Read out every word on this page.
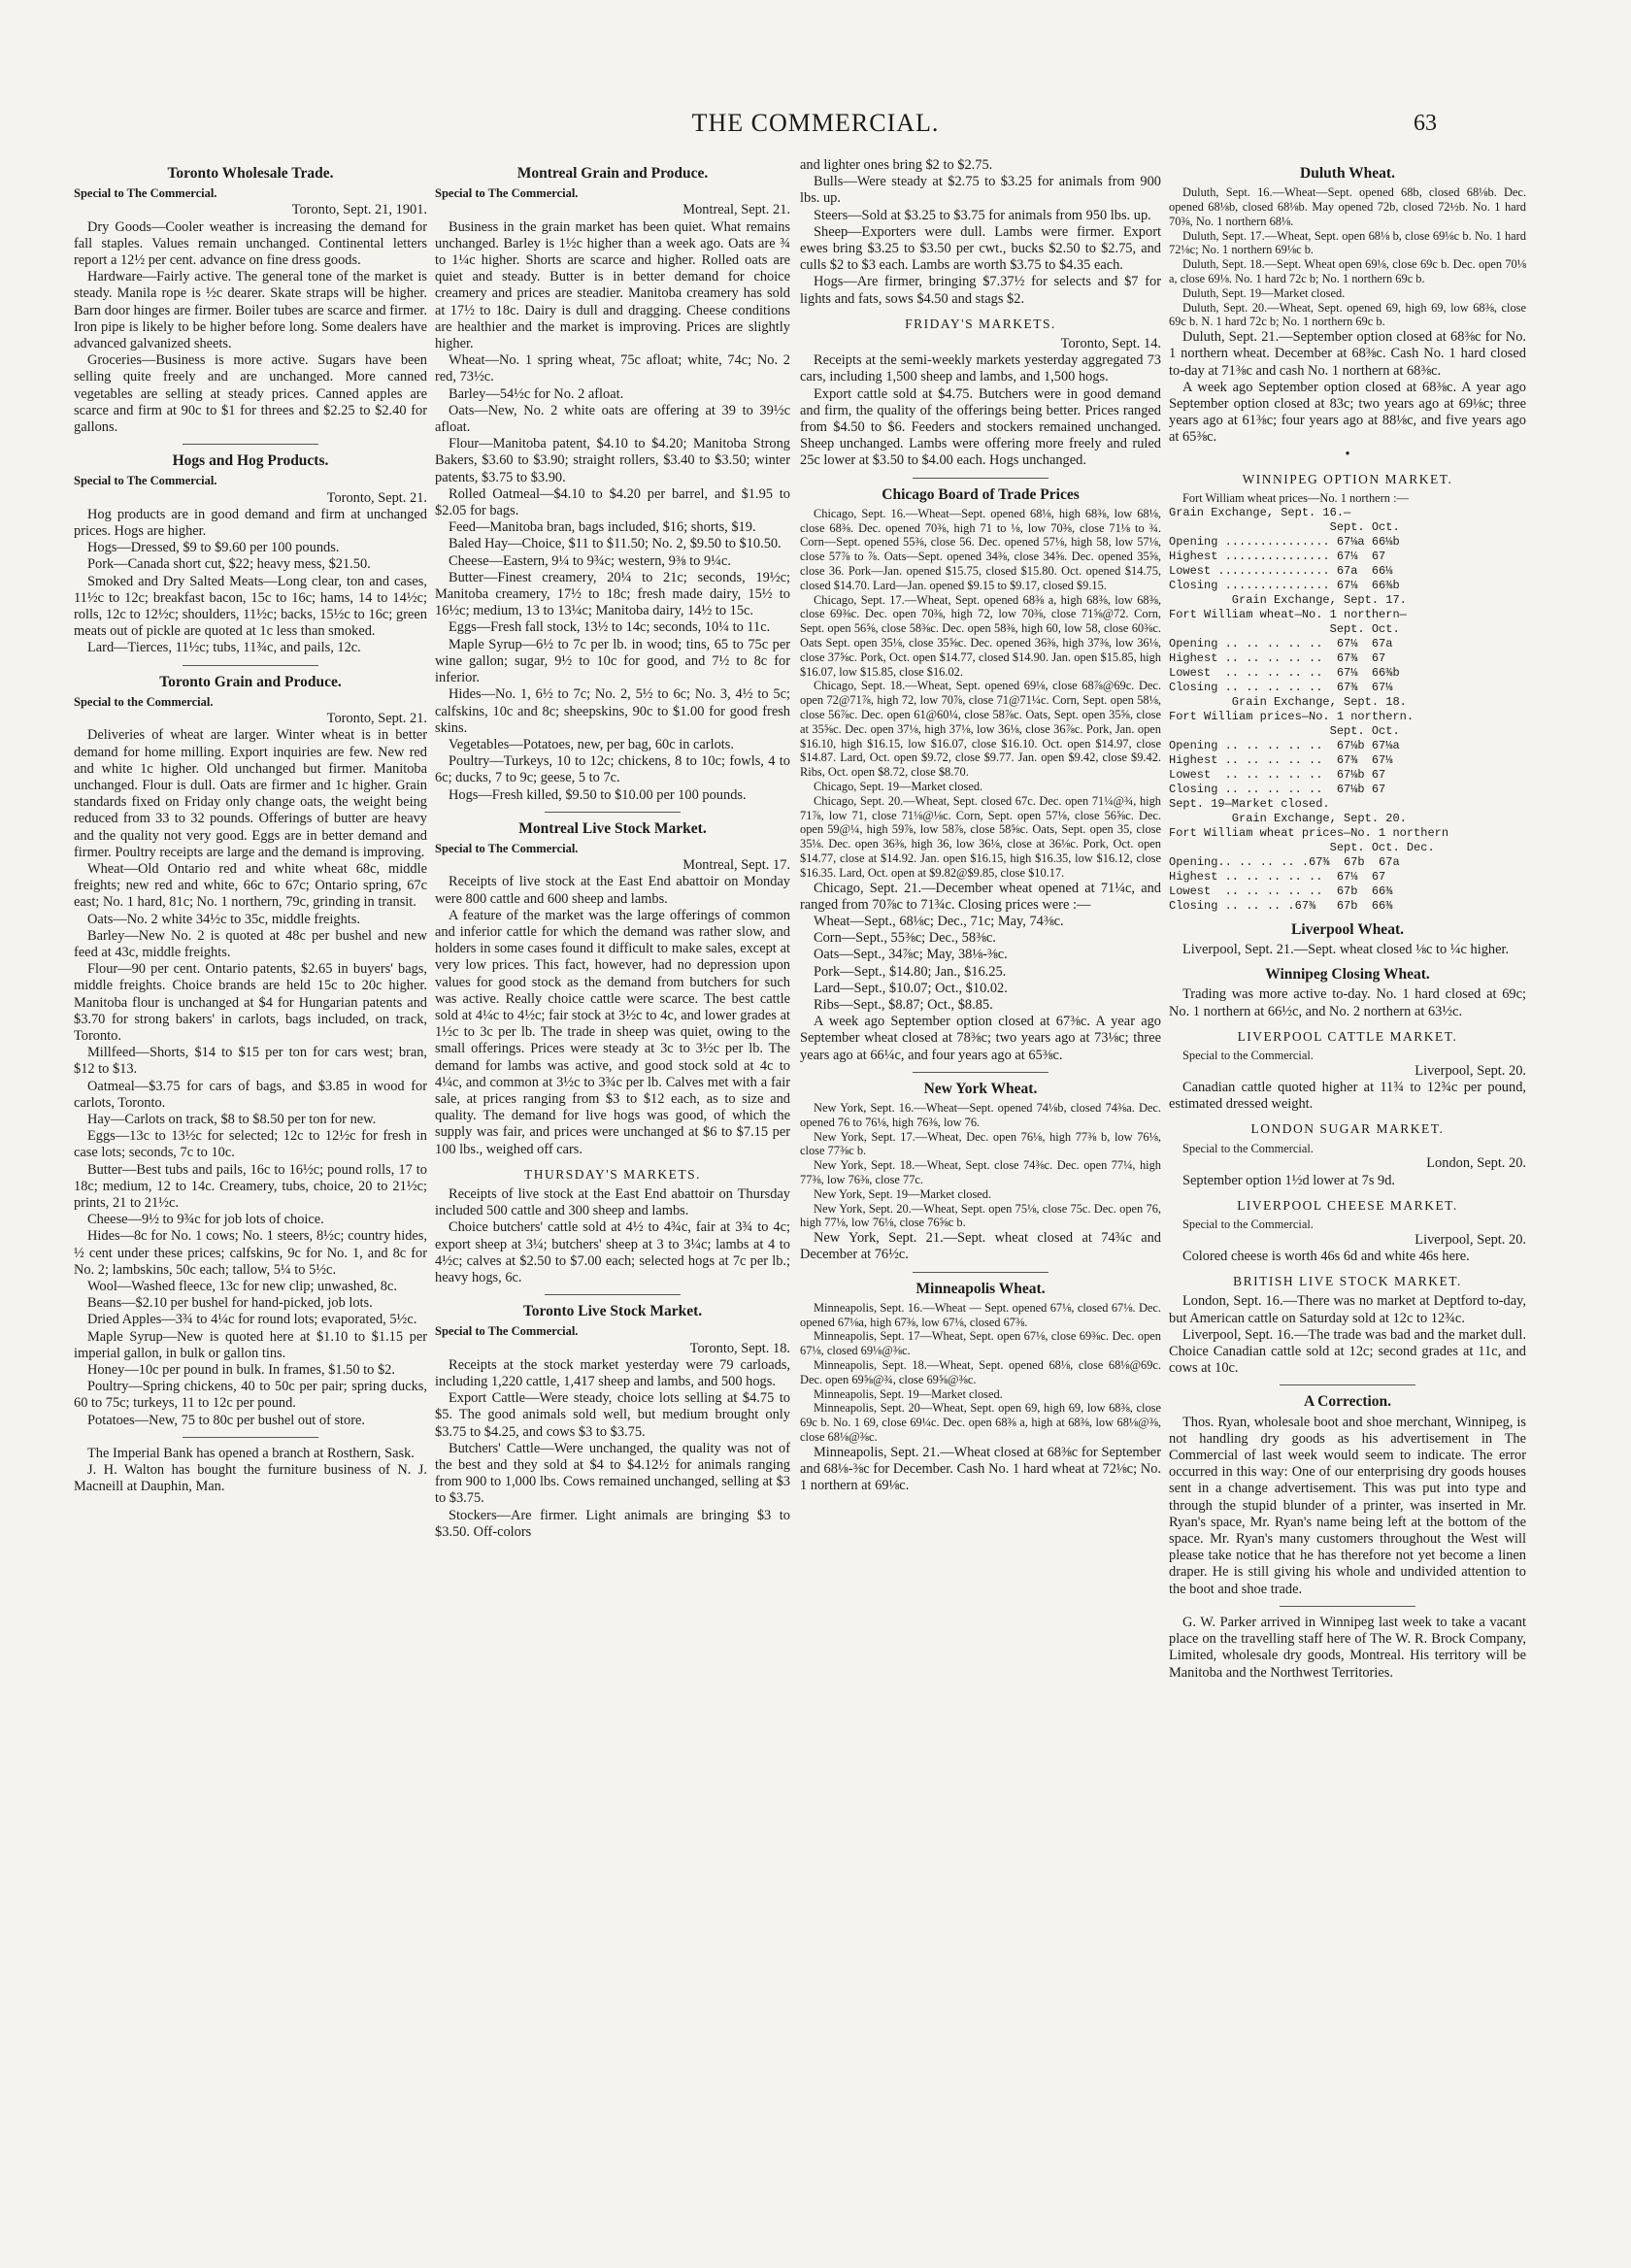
THE COMMERCIAL.	63
Toronto Wholesale Trade.
Special to The Commercial.
Toronto, Sept. 21, 1901.

Dry Goods—Cooler weather is increasing the demand for fall staples. Values remain unchanged. Continental letters report a 12½ per cent. advance on fine dress goods.

Hardware—Fairly active. The general tone of the market is steady. Manila rope is ½c dearer. Skate straps will be higher. Barn door hinges are firmer. Boiler tubes are scarce and firmer. Iron pipe is likely to be higher before long. Some dealers have advanced galvanized sheets.

Groceries—Business is more active. Sugars have been selling quite freely and are unchanged. More canned vegetables are selling at steady prices. Canned apples are scarce and firm at 90c to $1 for threes and $2.25 to $2.40 for gallons.

Hogs and Hog Products.
Special to The Commercial.
Toronto, Sept. 21.

Hog products are in good demand and firm at unchanged prices. Hogs are higher.

Hogs—Dressed, $9 to $9.60 per 100 pounds.

Pork—Canada short cut, $22; heavy mess, $21.50.

Smoked and Dry Salted Meats—Long clear, ton and cases, 11½c to 12c; breakfast bacon, 15c to 16c; hams, 14 to 14½c; rolls, 12c to 12½c; shoulders, 11½c; backs, 15½c to 16c; green meats out of pickle are quoted at 1c less than smoked.

Lard—Tierces, 11½c; tubs, 11¾c, and pails, 12c.

Toronto Grain and Produce.
Special to the Commercial.
Toronto, Sept. 21.

Deliveries of wheat are larger. Winter wheat is in better demand for home milling. Export inquiries are few. New red and white 1c higher. Old unchanged but firmer. Manitoba unchanged. Flour is dull. Oats are firmer and 1c higher. Grain standards fixed on Friday only change oats, the weight being reduced from 33 to 32 pounds. Offerings of butter are heavy and the quality not very good. Eggs are in better demand and firmer. Poultry receipts are large and the demand is improving.

Wheat—Old Ontario red and white wheat 68c, middle freights; new red and white, 66c to 67c; Ontario spring, 67c east; No. 1 hard, 81c; No. 1 northern, 79c, grinding in transit.

Oats—No. 2 white 34½c to 35c, middle freights.

Barley—New No. 2 is quoted at 48c per bushel and new feed at 43c, middle freights.

Flour—90 per cent. Ontario patents, $2.65 in buyers' bags, middle freights. Choice brands are held 15c to 20c higher. Manitoba flour is unchanged at $4 for Hungarian patents and $3.70 for strong bakers' in carlots, bags included, on track, Toronto.

Millfeed—Shorts, $14 to $15 per ton for cars west; bran, $12 to $13.

Oatmeal—$3.75 for cars of bags, and $3.85 in wood for carlots, Toronto.

Hay—Carlots on track, $8 to $8.50 per ton for new.

Eggs—13c to 13½c for selected; 12c to 12½c for fresh in case lots; seconds, 7c to 10c.

Butter—Best tubs and pails, 16c to 16½c; pound rolls, 17 to 18c; medium, 12 to 14c. Creamery, tubs, choice, 20 to 21½c; prints, 21 to 21½c.

Cheese—9½ to 9¾c for job lots of choice.

Hides—8c for No. 1 cows; No. 1 steers, 8½c; country hides, ½ cent under these prices; calfskins, 9c for No. 1, and 8c for No. 2; lambskins, 50c each; tallow, 5¼ to 5½c.

Wool—Washed fleece, 13c for new clip; unwashed, 8c.

Beans—$2.10 per bushel for hand-picked, job lots.

Dried Apples—3¾ to 4¼c for round lots; evaporated, 5½c.

Maple Syrup—New is quoted here at $1.10 to $1.15 per imperial gallon, in bulk or gallon tins.

Honey—10c per pound in bulk. In frames, $1.50 to $2.

Poultry—Spring chickens, 40 to 50c per pair; spring ducks, 60 to 75c; turkeys, 11 to 12c per pound.

Potatoes—New, 75 to 80c per bushel out of store.

The Imperial Bank has opened a branch at Rosthern, Sask.

J. H. Walton has bought the furniture business of N. J. Macneill at Dauphin, Man.

Montreal Grain and Produce.
Special to The Commercial.
Montreal, Sept. 21.

Business in the grain market has been quiet. What remains unchanged. Barley is 1½c higher than a week ago. Oats are ¾ to 1¼c higher. Shorts are scarce and higher. Rolled oats are quiet and steady. Butter is in better demand for choice creamery and prices are steadier. Manitoba creamery has sold at 17½ to 18c. Dairy is dull and dragging. Cheese conditions are healthier and the market is improving. Prices are slightly higher.

Wheat—No. 1 spring wheat, 75c afloat; white, 74c; No. 2 red, 73½c.

Barley—54½c for No. 2 afloat.

Oats—New, No. 2 white oats are offering at 39 to 39½c afloat.

Flour—Manitoba patent, $4.10 to $4.20; Manitoba Strong Bakers, $3.60 to $3.90; straight rollers, $3.40 to $3.50; winter patents, $3.75 to $3.90.

Rolled Oatmeal—$4.10 to $4.20 per barrel, and $1.95 to $2.05 for bags.

Feed—Manitoba bran, bags included, $16; shorts, $19.

Baled Hay—Choice, $11 to $11.50; No. 2, $9.50 to $10.50.

Cheese—Eastern, 9¼ to 9¾c; western, 9⅜ to 9¼c.

Butter—Finest creamery, 20¼ to 21c; seconds, 19½c; Manitoba creamery, 17½ to 18c; fresh made dairy, 15½ to 16½c; medium, 13 to 13¼c; Manitoba dairy, 14½ to 15c.

Eggs—Fresh fall stock, 13½ to 14c; seconds, 10¼ to 11c.

Maple Syrup—6½ to 7c per lb. in wood; tins, 65 to 75c per wine gallon; sugar, 9½ to 10c for good, and 7½ to 8c for inferior.

Hides—No. 1, 6½ to 7c; No. 2, 5½ to 6c; No. 3, 4½ to 5c; calfskins, 10c and 8c; sheepskins, 90c to $1.00 for good fresh skins.

Vegetables—Potatoes, new, per bag, 60c in carlots.

Poultry—Turkeys, 10 to 12c; chickens, 8 to 10c; fowls, 4 to 6c; ducks, 7 to 9c; geese, 5 to 7c.

Hogs—Fresh killed, $9.50 to $10.00 per 100 pounds.

Montreal Live Stock Market.
Special to The Commercial.
Montreal, Sept. 17.

Receipts of live stock at the East End abattoir on Monday were 800 cattle and 600 sheep and lambs.

A feature of the market was the large offerings of common and inferior cattle for which the demand was rather slow, and holders in some cases found it difficult to make sales, except at very low prices. This fact, however, had no depression upon values for good stock as the demand from butchers for such was active. Really choice cattle were scarce. The best cattle sold at 4¼c to 4½c; fair stock at 3½c to 4c, and lower grades at 1½c to 3c per lb. The trade in sheep was quiet, owing to the small offerings. Prices were steady at 3c to 3½c per lb. The demand for lambs was active, and good stock sold at 4c to 4¼c, and common at 3½c to 3¾c per lb. Calves met with a fair sale, at prices ranging from $3 to $12 each, as to size and quality. The demand for live hogs was good, of which the supply was fair, and prices were unchanged at $6 to $7.15 per 100 lbs., weighed off cars.

THURSDAY'S MARKETS.

Receipts of live stock at the East End abattoir on Thursday included 500 cattle and 300 sheep and lambs.

Choice butchers' cattle sold at 4½ to 4¾c, fair at 3¾ to 4c; export sheep at 3¼; butchers' sheep at 3 to 3¼c; lambs at 4 to 4½c; calves at $2.50 to $7.00 each; selected hogs at 7c per lb.; heavy hogs, 6c.

Toronto Live Stock Market.
Special to The Commercial.
Toronto, Sept. 18.

Receipts at the stock market yesterday were 79 carloads, including 1,220 cattle, 1,417 sheep and lambs, and 500 hogs.

Export Cattle—Were steady, choice lots selling at $4.75 to $5. The good animals sold well, but medium brought only $3.75 to $4.25, and cows $3 to $3.75.

Butchers' Cattle—Were unchanged, the quality was not of the best and they sold at $4 to $4.12½ for animals ranging from 900 to 1,000 lbs. Cows remained unchanged, selling at $3 to $3.75.

Stockers—Are firmer. Light animals are bringing $3 to $3.50. Off-colors

and lighter ones bring $2 to $2.75.

Bulls—Were steady at $2.75 to $3.25 for animals from 900 lbs. up.

Steers—Sold at $3.25 to $3.75 for animals from 950 lbs. up.

Sheep—Exporters were dull. Lambs were firmer. Export ewes bring $3.25 to $3.50 per cwt., bucks $2.50 to $2.75, and culls $2 to $3 each. Lambs are worth $3.75 to $4.35 each.

Hogs—Are firmer, bringing $7.37½ for selects and $7 for lights and fats, sows $4.50 and stags $2.

FRIDAY'S MARKETS.
Toronto, Sept. 14.

Receipts at the semi-weekly markets yesterday aggregated 73 cars, including 1,500 sheep and lambs, and 1,500 hogs.

Export cattle sold at $4.75. Butchers were in good demand and firm, the quality of the offerings being better. Prices ranged from $4.50 to $6. Feeders and stockers remained unchanged. Sheep unchanged. Lambs were offering more freely and ruled 25c lower at $3.50 to $4.00 each. Hogs unchanged.

Chicago Board of Trade Prices

Chicago, Sept. 16.—Wheat—Sept. opened 68⅛, high 68⅜, low 68⅛, close 68⅜. Dec. opened 70⅜, high 71 to ⅛, low 70⅜, close 71⅛ to ¾. Corn—Sept. opened 55⅜, close 56. Dec. opened 57⅛, high 58, low 57⅛, close 57⅞ to ⅞. Oats—Sept. opened 34⅜, close 34⅝. Dec. opened 35⅝, close 36. Pork—Jan. opened $15.75, closed $15.80. Oct. opened $14.75, closed $14.70. Lard—Jan. opened $9.15 to $9.17, closed $9.15.

Chicago, Sept. 17.—Wheat, Sept. opened 68⅜ a, high 68⅜, low 68⅜, close 69⅜c. Dec. open 70⅜, high 72, low 70⅜, close 71⅝@72. Corn, Sept. open 56⅝, close 58⅜c. Dec. open 58⅜, high 60, low 58, close 60⅜c. Oats Sept. open 35⅛, close 35⅝c. Dec. opened 36⅜, high 37⅜, low 36⅛, close 37⅝c. Pork, Oct. open $14.77, closed $14.90. Jan. open $15.85, high $16.07, low $15.85, close $16.02.

Chicago, Sept. 18.—Wheat, Sept. opened 69⅛, close 68⅞@69c. Dec. open 72@71⅞, high 72, low 70⅞, close 71@71¼c. Corn, Sept. open 58⅛, close 56⅞c. Dec. open 61@60¼, close 58⅞c. Oats, Sept. open 35⅝, close at 35⅝c. Dec. open 37⅛, high 37⅛, low 36⅛, close 36⅞c. Pork, Jan. open $16.10, high $16.15, low $16.07, close $16.10. Oct. open $14.97, close $14.87. Lard, Oct. open $9.72, close $9.77. Jan. open $9.42, close $9.42. Ribs, Oct. open $8.72, close $8.70.

Chicago, Sept. 19—Market closed.

Chicago, Sept. 20.—Wheat, Sept. closed 67c. Dec. open 71¼@¾, high 71⅞, low 71, close 71⅛@⅛c. Corn, Sept. open 57⅛, close 56⅝c. Dec. open 59@¼, high 59⅞, low 58⅞, close 58⅝c. Oats, Sept. open 35, close 35⅛. Dec. open 36⅜, high 36, low 36⅛, close at 36⅛c. Pork, Oct. open $14.77, close at $14.92. Jan. open $16.15, high $16.35, low $16.12, close $16.35. Lard, Oct. open at $9.82@$9.85, close $10.17.

Chicago, Sept. 21.—December wheat opened at 71¼c, and ranged from 70⅞c to 71¾c. Closing prices were :—

Wheat—Sept., 68⅛c; Dec., 71c; May, 74⅜c.

Corn—Sept., 55⅜c; Dec., 58⅜c.

Oats—Sept., 34⅞c; May, 38⅛-⅜c.

Pork—Sept., $14.80; Jan., $16.25.

Lard—Sept., $10.07; Oct., $10.02.

Ribs—Sept., $8.87; Oct., $8.85.

A week ago September option closed at 67⅜c. A year ago September wheat closed at 78⅜c; two years ago at 73⅛c; three years ago at 66¼c, and four years ago at 65⅜c.

New York Wheat.

New York, Sept. 16.—Wheat—Sept. opened 74⅛b, closed 74⅜a. Dec. opened 76 to 76⅛, high 76⅜, low 76.

New York, Sept. 17.—Wheat, Dec. open 76⅛, high 77⅜ b, low 76⅛, close 77⅜c b.

New York, Sept. 18.—Wheat, Sept. close 74⅜c. Dec. open 77¼, high 77⅜, low 76⅜, close 77c.

New York, Sept. 19—Market closed.

New York, Sept. 20.—Wheat, Sept. open 75⅛, close 75c. Dec. open 76, high 77⅛, low 76⅛, close 76⅝c b.

New York, Sept. 21.—Sept. wheat closed at 74¾c and December at 76½c.

Minneapolis Wheat.

Minneapolis, Sept. 16.—Wheat — Sept. opened 67⅛, closed 67⅛. Dec. opened 67⅛a, high 67⅜, low 67⅛, closed 67⅜.

Minneapolis, Sept. 17—Wheat, Sept. open 67⅛, close 69⅜c. Dec. open 67⅛, closed 69⅛@⅜c.

Minneapolis, Sept. 18.—Wheat, Sept. opened 68⅛, close 68⅛@69c. Dec. open 69⅝@¾, close 69⅝@⅜c.

Minneapolis, Sept. 19—Market closed.

Minneapolis, Sept. 20—Wheat, Sept. open 69, high 69, low 68⅜, close 69c b. No. 1 69, close 69¼c. Dec. open 68⅜ a, high at 68⅜, low 68⅛@⅜, close 68⅛@⅜c.

Minneapolis, Sept. 21.—Wheat closed at 68⅜c for September and 68⅛-⅜c for December. Cash No. 1 hard wheat at 72⅛c; No. 1 northern at 69⅛c.

Duluth Wheat.

Duluth, Sept. 16.—Wheat—Sept. opened 68b, closed 68⅛b. Dec. opened 68⅛b, closed 68⅛b. May opened 72b, closed 72½b. No. 1 hard 70⅜, No. 1 northern 68⅛.

Duluth, Sept. 17.—Wheat, Sept. open 68⅛ b, close 69⅛c b. No. 1 hard 72⅛c; No. 1 northern 69⅛c b.

Duluth, Sept. 18.—Sept. Wheat open 69⅛, close 69c b. Dec. open 70⅛ a, close 69⅛. No. 1 hard 72c b; No. 1 northern 69c b.

Duluth, Sept. 19—Market closed.

Duluth, Sept. 20.—Wheat, Sept. opened 69, high 69, low 68⅜, close 69c b. N. 1 hard 72c b; No. 1 northern 69c b.

Duluth, Sept. 21.—September option closed at 68⅜c for No. 1 northern wheat. December at 68⅜c. Cash No. 1 hard closed to-day at 71⅜c and cash No. 1 northern at 68⅜c.

A week ago September option closed at 68⅜c. A year ago September option closed at 83c; two years ago at 69⅛c; three years ago at 61⅜c; four years ago at 88⅛c, and five years ago at 65⅜c.

•
WINNIPEG OPTION MARKET.

Fort William wheat prices—No. 1 northern :—

Grain Exchange, Sept. 16.—
Sept. Oct.
Opening ............... 67⅛a 66⅛b
Highest ............... 67⅛  67
Lowest ................ 67a  66⅛
Closing ............... 67⅛  66⅜b

Grain Exchange, Sept. 17.
Fort William wheat—No. 1 northern—
Sept. Oct.
Opening .. .. .. .. ..  67⅛  67a
Highest .. .. .. .. ..  67⅜  67
Lowest  .. .. .. .. ..  67⅛  66⅜b
Closing .. .. .. .. ..  67⅜  67⅛

Grain Exchange, Sept. 18.
Fort William prices—No. 1 northern.
Sept. Oct.
Opening .. .. .. .. ..  67⅛b 67⅛a
Highest .. .. .. .. ..  67⅜  67⅛
Lowest  .. .. .. .. ..  67⅛b 67
Closing .. .. .. .. ..  67⅛b 67
Sept. 19—Market closed.

Grain Exchange, Sept. 20.
Fort William wheat prices—No. 1 northern
Sept. Oct. Dec.
Opening.. .. .. .. .67⅜  67b  67a
Highest .. .. .. .. ..  67⅛  67
Lowest  .. .. .. .. ..  67b  66⅜
Closing .. .. .. .67⅜   67b  66⅜

Liverpool Wheat.

Liverpool, Sept. 21.—Sept. wheat closed ⅛c to ¼c higher.

Winnipeg Closing Wheat.

Trading was more active to-day. No. 1 hard closed at 69c; No. 1 northern at 66½c, and No. 2 northern at 63½c.

LIVERPOOL CATTLE MARKET.

Special to the Commercial.

Liverpool, Sept. 20.

Canadian cattle quoted higher at 11¾ to 12¾c per pound, estimated dressed weight.

LONDON SUGAR MARKET.

Special to the Commercial.

London, Sept. 20.

September option 1½d lower at 7s 9d.

LIVERPOOL CHEESE MARKET.

Special to the Commercial.

Liverpool, Sept. 20.

Colored cheese is worth 46s 6d and white 46s here.

BRITISH LIVE STOCK MARKET.

London, Sept. 16.—There was no market at Deptford to-day, but American cattle on Saturday sold at 12c to 12¾c.

Liverpool, Sept. 16.—The trade was bad and the market dull. Choice Canadian cattle sold at 12c; second grades at 11c, and cows at 10c.

A Correction.

Thos. Ryan, wholesale boot and shoe merchant, Winnipeg, is not handling dry goods as his advertisement in The Commercial of last week would seem to indicate. The error occurred in this way: One of our enterprising dry goods houses sent in a change advertisement. This was put into type and through the stupid blunder of a printer, was inserted in Mr. Ryan's space, Mr. Ryan's name being left at the bottom of the space. Mr. Ryan's many customers throughout the West will please take notice that he has therefore not yet become a linen draper. He is still giving his whole and undivided attention to the boot and shoe trade.

G. W. Parker arrived in Winnipeg last week to take a vacant place on the travelling staff here of The W. R. Brock Company, Limited, wholesale dry goods, Montreal. His territory will be Manitoba and the Northwest Territories.
